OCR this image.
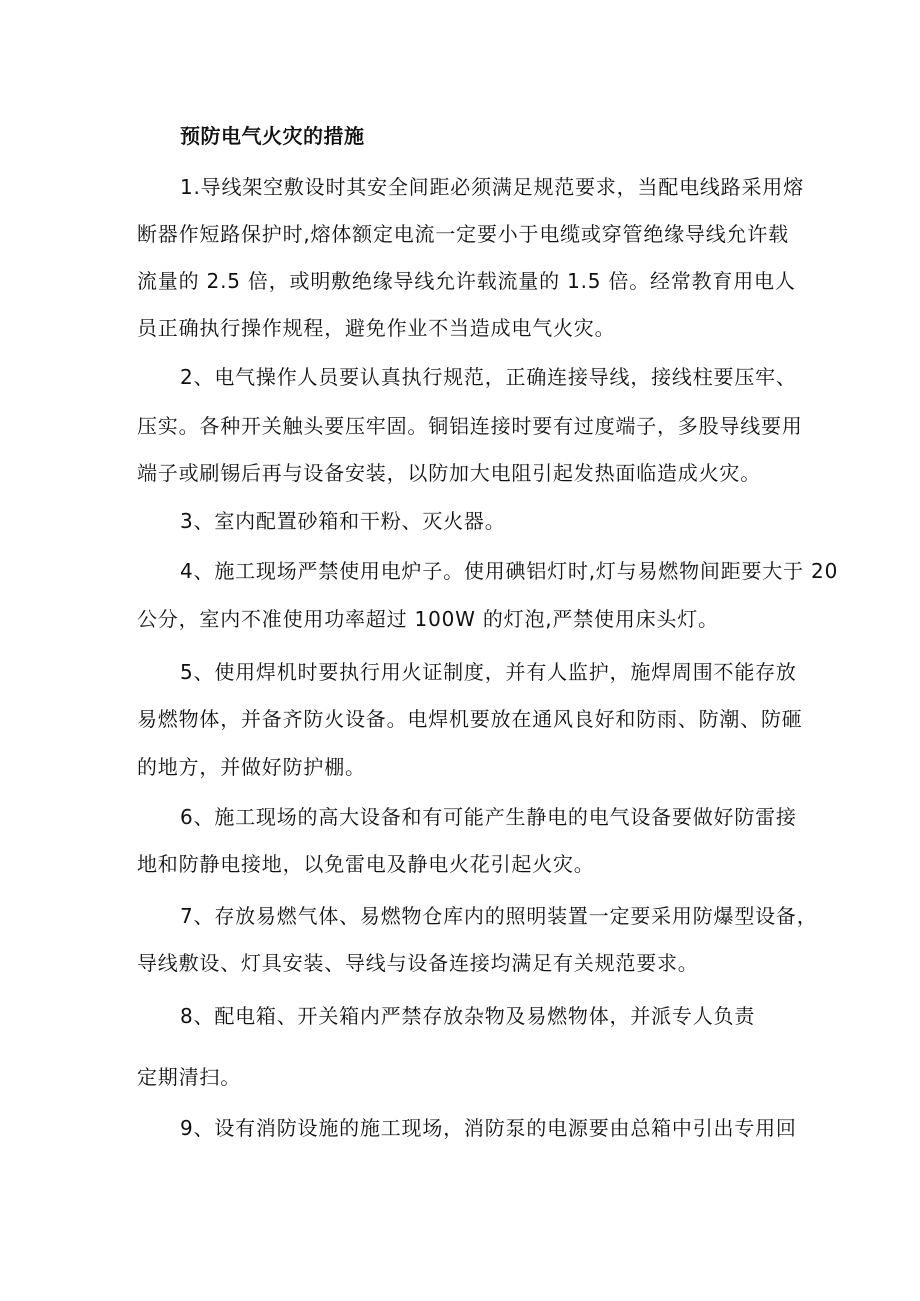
预防电气火灾的措施
1.导线架空敷设时其安全间距必须满足规范要求，当配电线路采用熔
断器作短路保护时,熔体额定电流一定要小于电缆或穿管绝缘导线允许载
流量的 2.5 倍，或明敷绝缘导线允许载流量的 1.5 倍。经常教育用电人
员正确执行操作规程，避免作业不当造成电气火灾。
2、电气操作人员要认真执行规范，正确连接导线，接线柱要压牢、
压实。各种开关触头要压牢固。铜铝连接时要有过度端子，多股导线要用
端子或刷锡后再与设备安装，以防加大电阻引起发热面临造成火灾。
3、室内配置砂箱和干粉、灭火器。
4、施工现场严禁使用电炉子。使用碘铝灯时,灯与易燃物间距要大于 20
公分，室内不准使用功率超过 100W 的灯泡,严禁使用床头灯。
5、使用焊机时要执行用火证制度，并有人监护，施焊周围不能存放
易燃物体，并备齐防火设备。电焊机要放在通风良好和防雨、防潮、防砸
的地方，并做好防护棚。
6、施工现场的高大设备和有可能产生静电的电气设备要做好防雷接
地和防静电接地，以免雷电及静电火花引起火灾。
7、存放易燃气体、易燃物仓库内的照明装置一定要采用防爆型设备，
导线敷设、灯具安装、导线与设备连接均满足有关规范要求。
8、配电箱、开关箱内严禁存放杂物及易燃物体，并派专人负责
定期清扫。
9、设有消防设施的施工现场，消防泵的电源要由总箱中引出专用回
